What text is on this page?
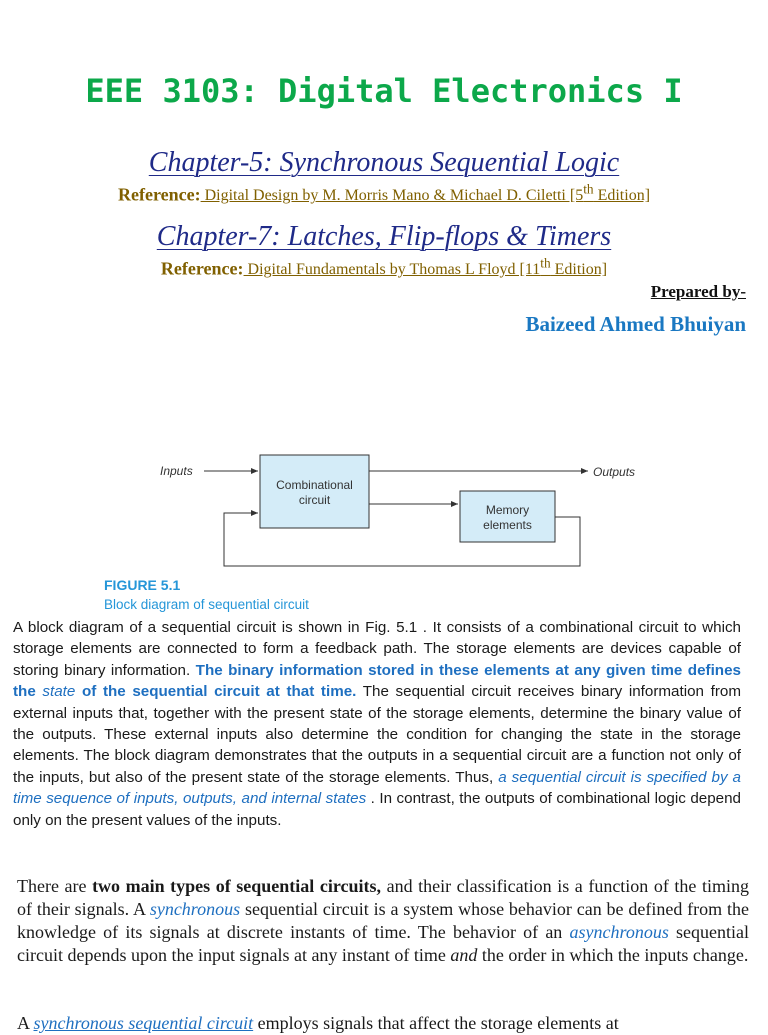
EEE 3103: Digital Electronics I
Chapter-5: Synchronous Sequential Logic
Reference: Digital Design by M. Morris Mano & Michael D. Ciletti [5th Edition]
Chapter-7: Latches, Flip-flops & Timers
Reference: Digital Fundamentals by Thomas L Floyd [11th Edition]
Prepared by-
Baizeed Ahmed Bhuiyan
Inputs
Combinational
circuit
Outputs
Memory
elements
FIGURE 5.1
Block diagram of sequential circuit
A block diagram of a sequential circuit is shown in Fig. 5.1 . It consists of a combinational circuit to which storage elements are connected to form a feedback path. The storage elements are devices capable of storing binary information. The binary information stored in these elements at any given time defines the state of the sequential circuit at that time. The sequential circuit receives binary information from external inputs that, together with the present state of the storage elements, determine the binary value of the outputs. These external inputs also determine the condition for changing the state in the storage elements. The block diagram demonstrates that the outputs in a sequential circuit are a function not only of the inputs, but also of the present state of the storage elements. Thus, a sequential circuit is specified by a time sequence of inputs, outputs, and internal states . In contrast, the outputs of combinational logic depend only on the present values of the inputs.
There are two main types of sequential circuits, and their classification is a function of the timing of their signals. A synchronous sequential circuit is a system whose behavior can be defined from the knowledge of its signals at discrete instants of time. The behavior of an asynchronous sequential circuit depends upon the input signals at any instant of time and the order in which the inputs change.
A synchronous sequential circuit employs signals that affect the storage elements at
